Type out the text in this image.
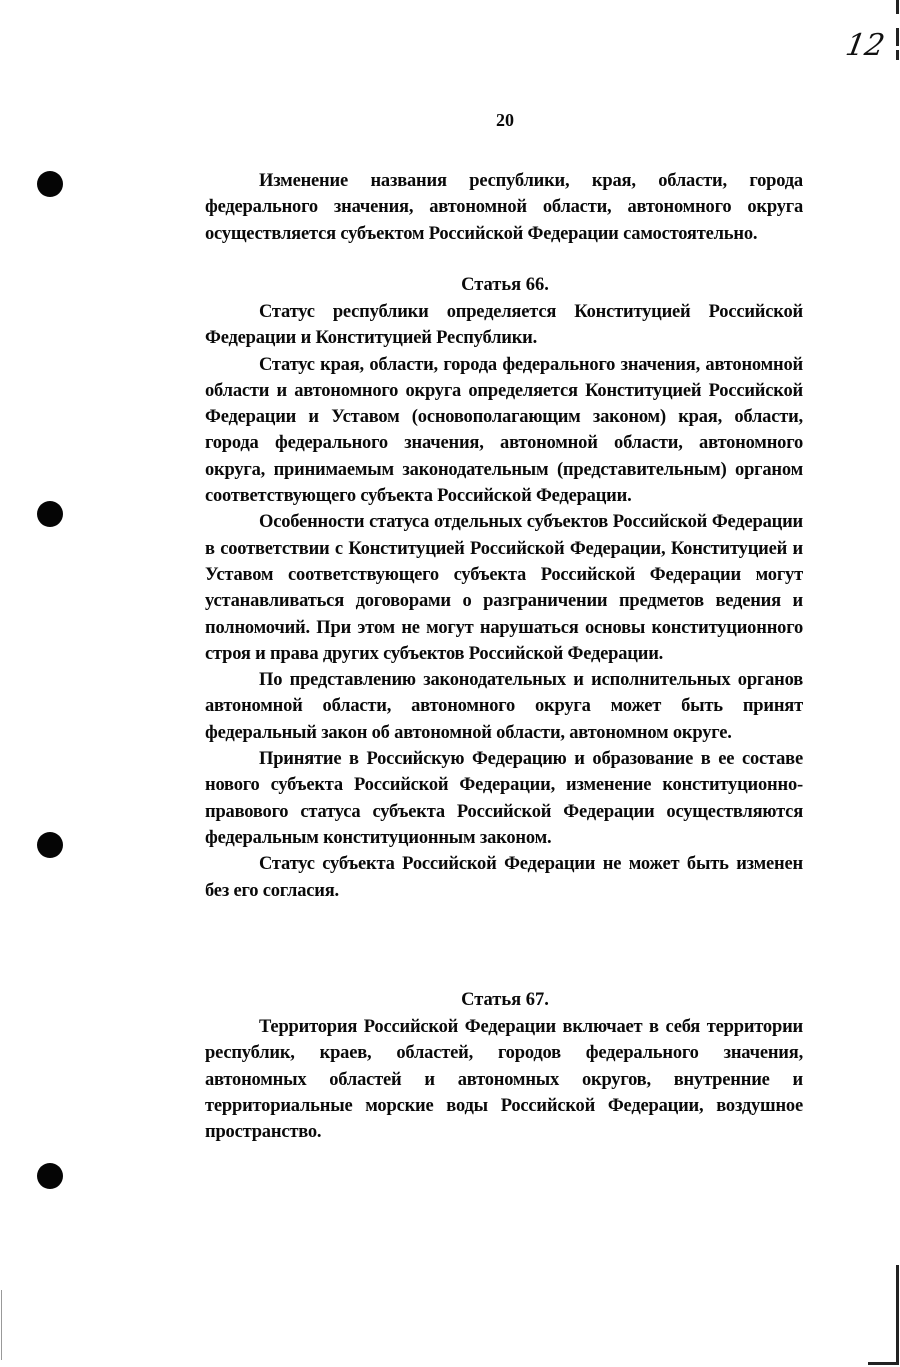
12
20

Изменение названия республики, края, области, города федерального значения, автономной области, автономного округа осуществляется субъектом Российской Федерации самостоятельно.

Статья 66.

Статус республики определяется Конституцией Российской Федерации и Конституцией Республики.

Статус края, области, города федерального значения, автономной области и автономного округа определяется Конституцией Российской Федерации и Уставом (основополагающим законом) края, области, города федерального значения, автономной области, автономного округа, принимаемым законодательным (представительным) органом соответствующего субъекта Российской Федерации.

Особенности статуса отдельных субъектов Российской Федерации в соответствии с Конституцией Российской Федерации, Конституцией и Уставом соответствующего субъекта Российской Федерации могут устанавливаться договорами о разграничении предметов ведения и полномочий. При этом не могут нарушаться основы конституционного строя и права других субъектов Российской Федерации.

По представлению законодательных и исполнительных органов автономной области, автономного округа может быть принят федеральный закон об автономной области, автономном округе.

Принятие в Российскую Федерацию и образование в ее составе нового субъекта Российской Федерации, изменение конституционно-правового статуса субъекта Российской Федерации осуществляются федеральным конституционным законом.

Статус субъекта Российской Федерации не может быть изменен без его согласия.

Статья 67.

Территория Российской Федерации включает в себя территории республик, краев, областей, городов федерального значения, автономных областей и автономных округов, внутренние и территориальные морские воды Российской Федерации, воздушное пространство.
